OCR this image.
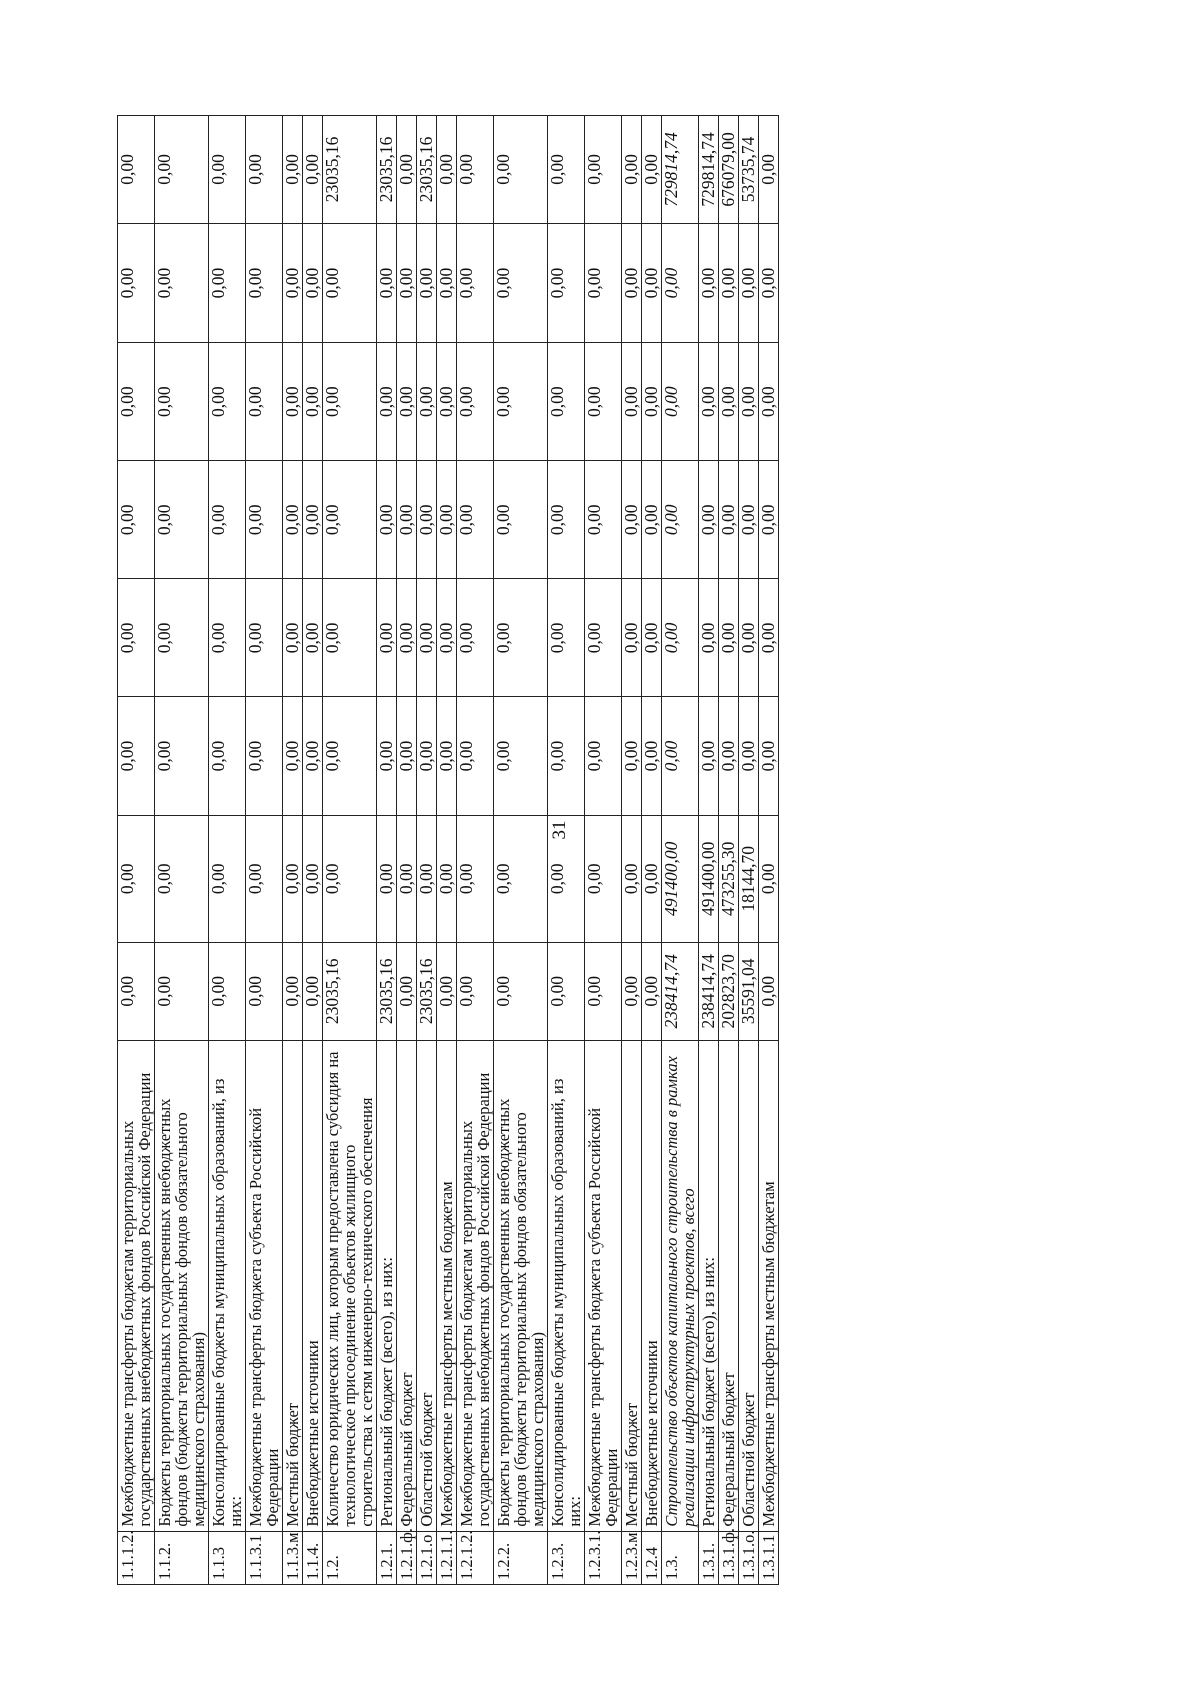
31
1.1.1.2.	Межбюджетные трансферты бюджетам территориальных государственных внебюджетных фондов Российской Федерации	0,00	0,00	0,00	0,00	0,00	0,00	0,00	0,00
1.1.2.	Бюджеты территориальных государственных внебюджетных фондов (бюджеты территориальных фондов обязательного медицинского страхования)	0,00	0,00	0,00	0,00	0,00	0,00	0,00	0,00
1.1.3	Консолидированные бюджеты муниципальных образований, из них:	0,00	0,00	0,00	0,00	0,00	0,00	0,00	0,00
1.1.3.1	Межбюджетные трансферты бюджета субъекта Российской Федерации	0,00	0,00	0,00	0,00	0,00	0,00	0,00	0,00
1.1.3.м	Местный бюджет	0,00	0,00	0,00	0,00	0,00	0,00	0,00	0,00
1.1.4.	Внебюджетные источники	0,00	0,00	0,00	0,00	0,00	0,00	0,00	0,00
1.2.	Количество юридических лиц, которым предоставлена субсидия на технологическое присоединение объектов жилищного строительства к сетям инженерно-технического обеспечения	23035,16	0,00	0,00	0,00	0,00	0,00	0,00	23035,16
1.2.1.	Региональный бюджет (всего), из них:	23035,16	0,00	0,00	0,00	0,00	0,00	0,00	23035,16
1.2.1.ф.	Федеральный бюджет	0,00	0,00	0,00	0,00	0,00	0,00	0,00	0,00
1.2.1.о	Областной бюджет	23035,16	0,00	0,00	0,00	0,00	0,00	0,00	23035,16
1.2.1.1.	Межбюджетные трансферты местным бюджетам	0,00	0,00	0,00	0,00	0,00	0,00	0,00	0,00
1.2.1.2.	Межбюджетные трансферты бюджетам территориальных государственных внебюджетных фондов Российской Федерации	0,00	0,00	0,00	0,00	0,00	0,00	0,00	0,00
1.2.2.	Бюджеты территориальных государственных внебюджетных фондов (бюджеты территориальных фондов обязательного медицинского страхования)	0,00	0,00	0,00	0,00	0,00	0,00	0,00	0,00
1.2.3.	Консолидированные бюджеты муниципальных образований, из них:	0,00	0,00	0,00	0,00	0,00	0,00	0,00	0,00
1.2.3.1.	Межбюджетные трансферты бюджета субъекта Российской Федерации	0,00	0,00	0,00	0,00	0,00	0,00	0,00	0,00
1.2.3.м	Местный бюджет	0,00	0,00	0,00	0,00	0,00	0,00	0,00	0,00
1.2.4	Внебюджетные источники	0,00	0,00	0,00	0,00	0,00	0,00	0,00	0,00
1.3.	Строительство объектов капитального строительства в рамках реализации инфраструктурных проектов, всего	238414,74	491400,00	0,00	0,00	0,00	0,00	0,00	729814,74
1.3.1.	Региональный бюджет (всего), из них:	238414,74	491400,00	0,00	0,00	0,00	0,00	0,00	729814,74
1.3.1.ф.	Федеральный бюджет	202823,70	473255,30	0,00	0,00	0,00	0,00	0,00	676079,00
1.3.1.о.	Областной бюджет	35591,04	18144,70	0,00	0,00	0,00	0,00	0,00	53735,74
1.3.1.1	Межбюджетные трансферты местным бюджетам	0,00	0,00	0,00	0,00	0,00	0,00	0,00	0,00
